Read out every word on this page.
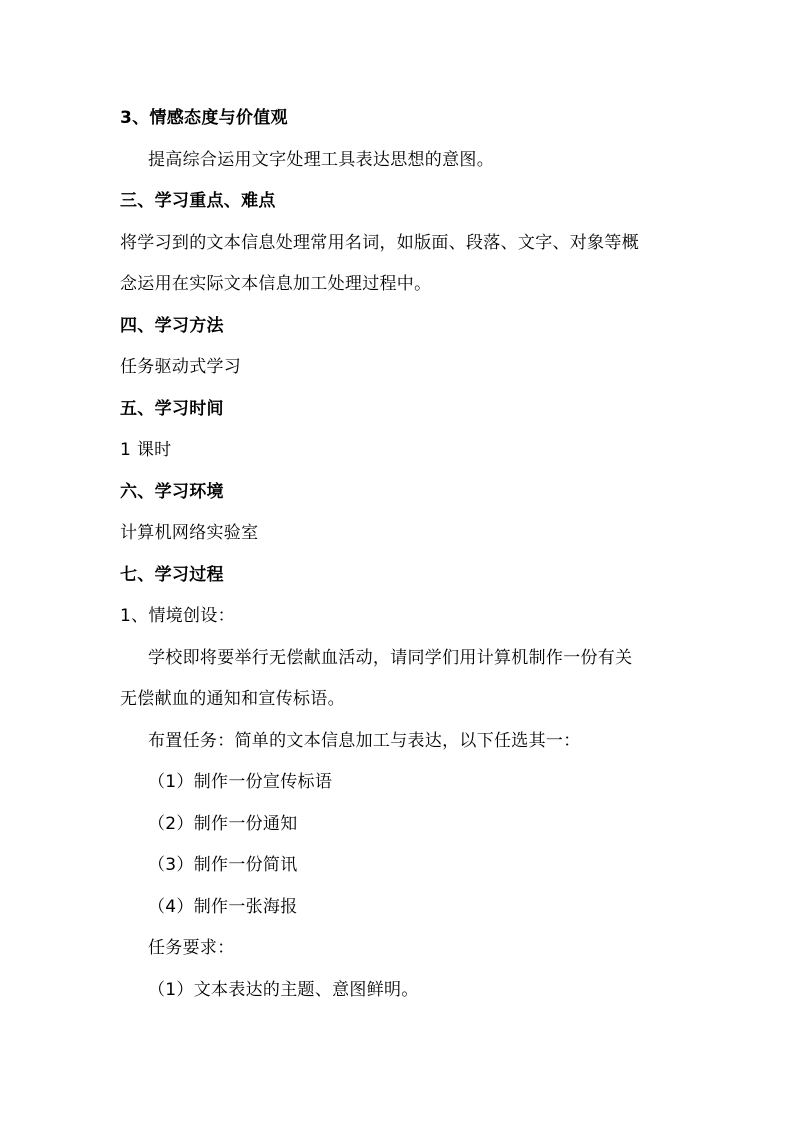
3、情感态度与价值观
提高综合运用文字处理工具表达思想的意图。
三、学习重点、难点
将学习到的文本信息处理常用名词，如版面、段落、文字、对象等概
念运用在实际文本信息加工处理过程中。
四、学习方法
任务驱动式学习
五、学习时间
1 课时
六、学习环境
计算机网络实验室
七、学习过程
1、情境创设：
学校即将要举行无偿献血活动，请同学们用计算机制作一份有关
无偿献血的通知和宣传标语。
布置任务：简单的文本信息加工与表达，以下任选其一：
（1）制作一份宣传标语
（2）制作一份通知
（3）制作一份简讯
（4）制作一张海报
任务要求：
（1）文本表达的主题、意图鲜明。
